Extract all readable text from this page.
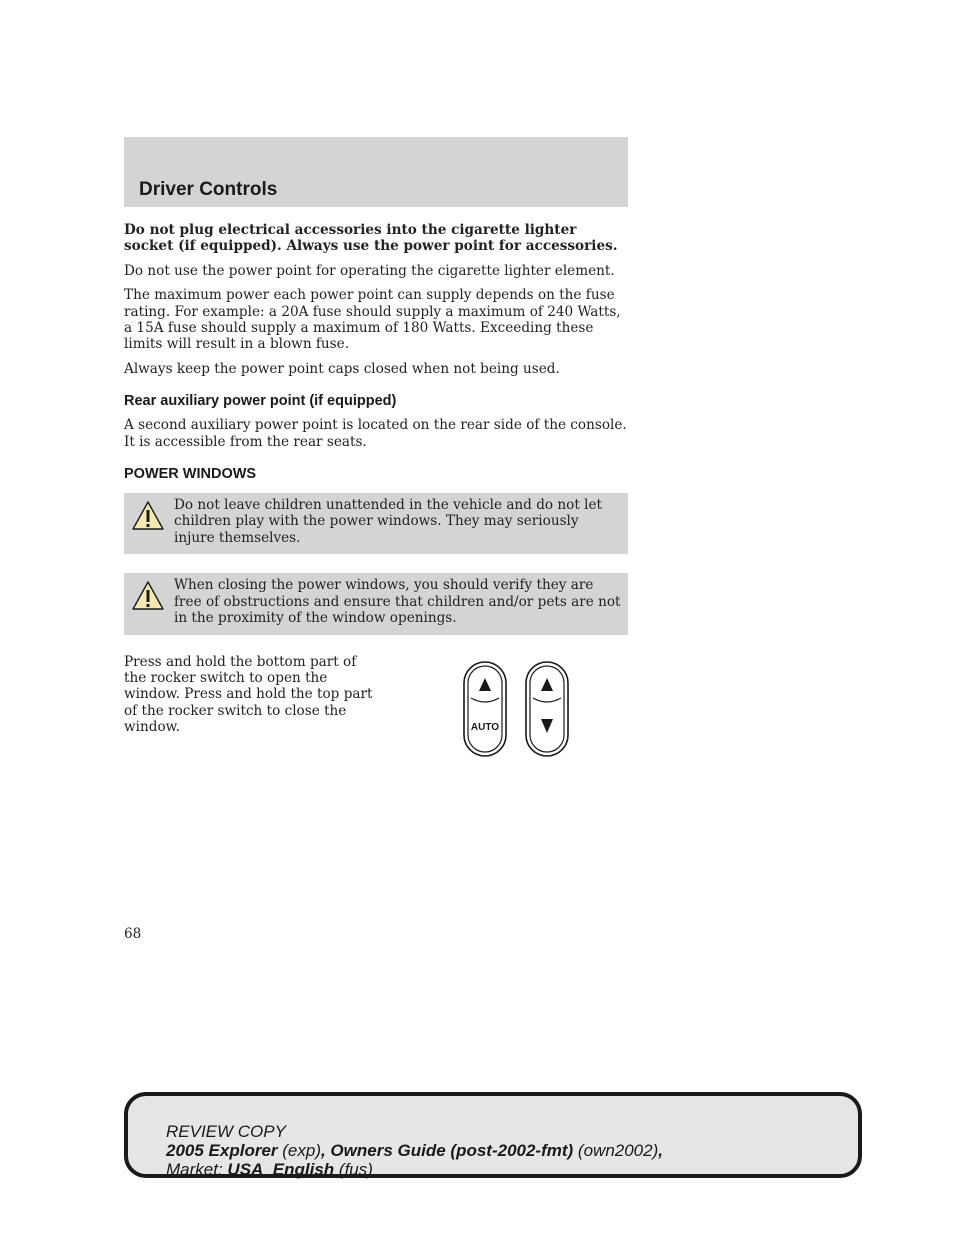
Driver Controls

Do not plug electrical accessories into the cigarette lighter socket (if equipped). Always use the power point for accessories.

Do not use the power point for operating the cigarette lighter element.

The maximum power each power point can supply depends on the fuse rating. For example: a 20A fuse should supply a maximum of 240 Watts, a 15A fuse should supply a maximum of 180 Watts. Exceeding these limits will result in a blown fuse.

Always keep the power point caps closed when not being used.

Rear auxiliary power point (if equipped)

A second auxiliary power point is located on the rear side of the console. It is accessible from the rear seats.

POWER WINDOWS

Do not leave children unattended in the vehicle and do not let children play with the power windows. They may seriously injure themselves.

When closing the power windows, you should verify they are free of obstructions and ensure that children and/or pets are not in the proximity of the window openings.

Press and hold the bottom part of the rocker switch to open the window. Press and hold the top part of the rocker switch to close the window.	AUTO
68
REVIEW COPY
2005 Explorer (exp), Owners Guide (post-2002-fmt) (own2002),
Market: USA_English (fus)
